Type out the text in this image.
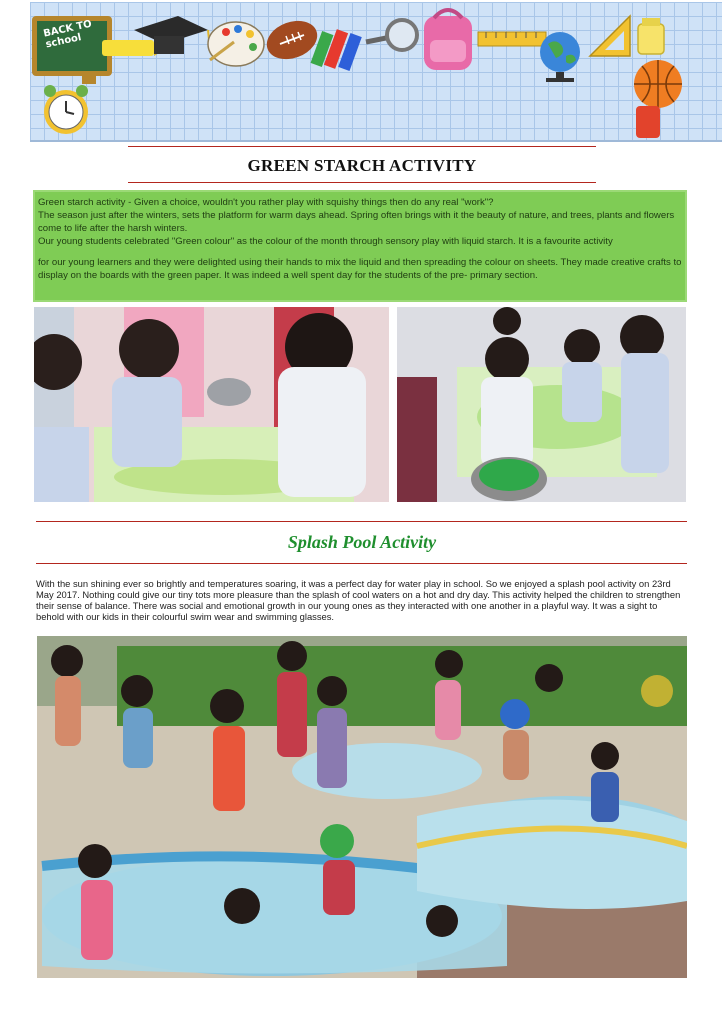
BACK TO school
GREEN STARCH ACTIVITY

Green starch activity - Given a choice, wouldn't you rather play with squishy things then do any real "work"?

The season just after the winters, sets the platform for warm days ahead. Spring often brings with it the beauty of nature, and trees, plants and flowers come to life after the harsh winters.

Our young students celebrated "Green colour" as the colour of the month through sensory play with liquid starch. It is a favourite activity

for our young learners and they were delighted using their hands to mix the liquid and then spreading the colour on sheets. They made creative crafts to display on the boards with the green paper. It was indeed a well spent day for the students of the pre- primary section.

Splash Pool Activity
With the sun shining ever so brightly and temperatures soaring, it was a perfect day for water play in school. So we enjoyed a splash pool activity on 23rd May 2017. Nothing could give our tiny tots more pleasure than the splash of cool waters on a hot and dry day. This activity helped the children to strengthen their sense of balance. There was social and emotional growth in our young ones as they interacted with one another in a playful way. It was a sight to behold with our kids in their colourful swim wear and swimming glasses.
